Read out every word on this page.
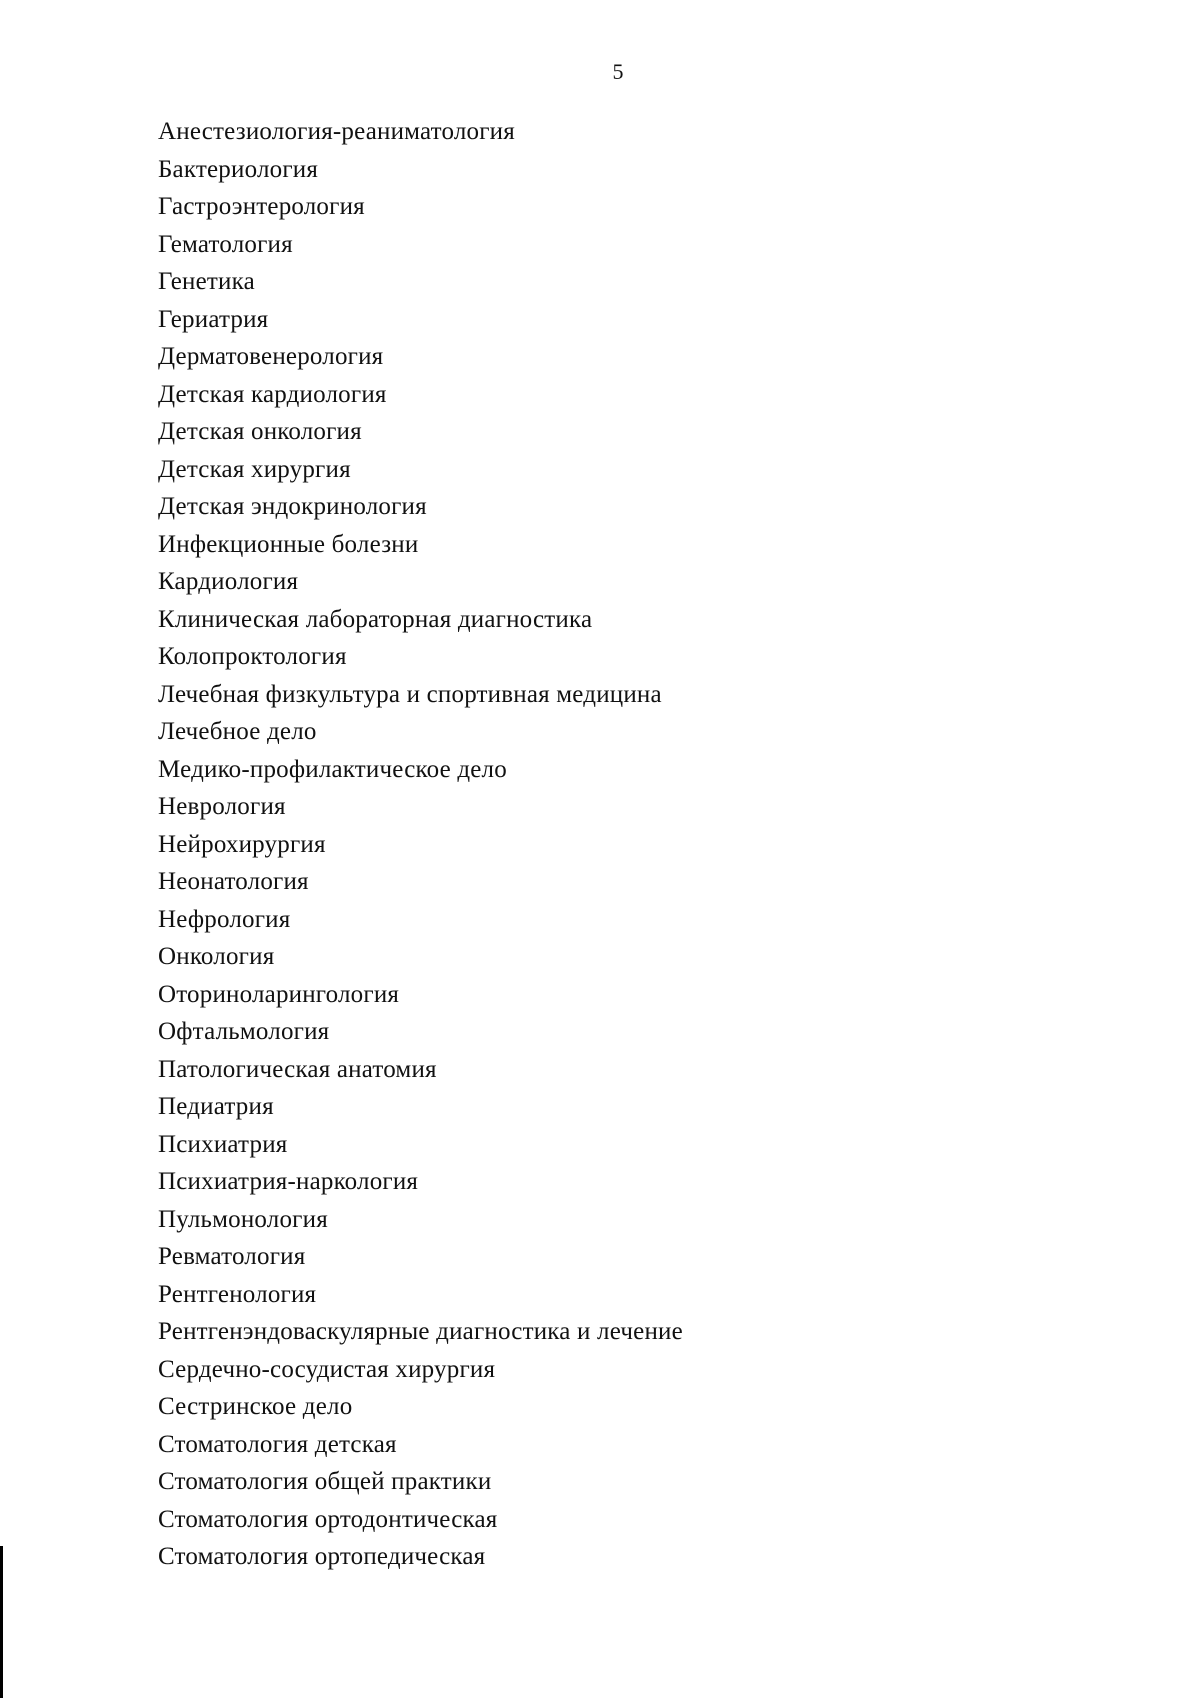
5
Анестезиология-реаниматология
Бактериология
Гастроэнтерология
Гематология
Генетика
Гериатрия
Дерматовенерология
Детская кардиология
Детская онкология
Детская хирургия
Детская эндокринология
Инфекционные болезни
Кардиология
Клиническая лабораторная диагностика
Колопроктология
Лечебная физкультура и спортивная медицина
Лечебное дело
Медико-профилактическое дело
Неврология
Нейрохирургия
Неонатология
Нефрология
Онкология
Оториноларингология
Офтальмология
Патологическая анатомия
Педиатрия
Психиатрия
Психиатрия-наркология
Пульмонология
Ревматология
Рентгенология
Рентгенэндоваскулярные диагностика и лечение
Сердечно-сосудистая хирургия
Сестринское дело
Стоматология детская
Стоматология общей практики
Стоматология ортодонтическая
Стоматология ортопедическая
